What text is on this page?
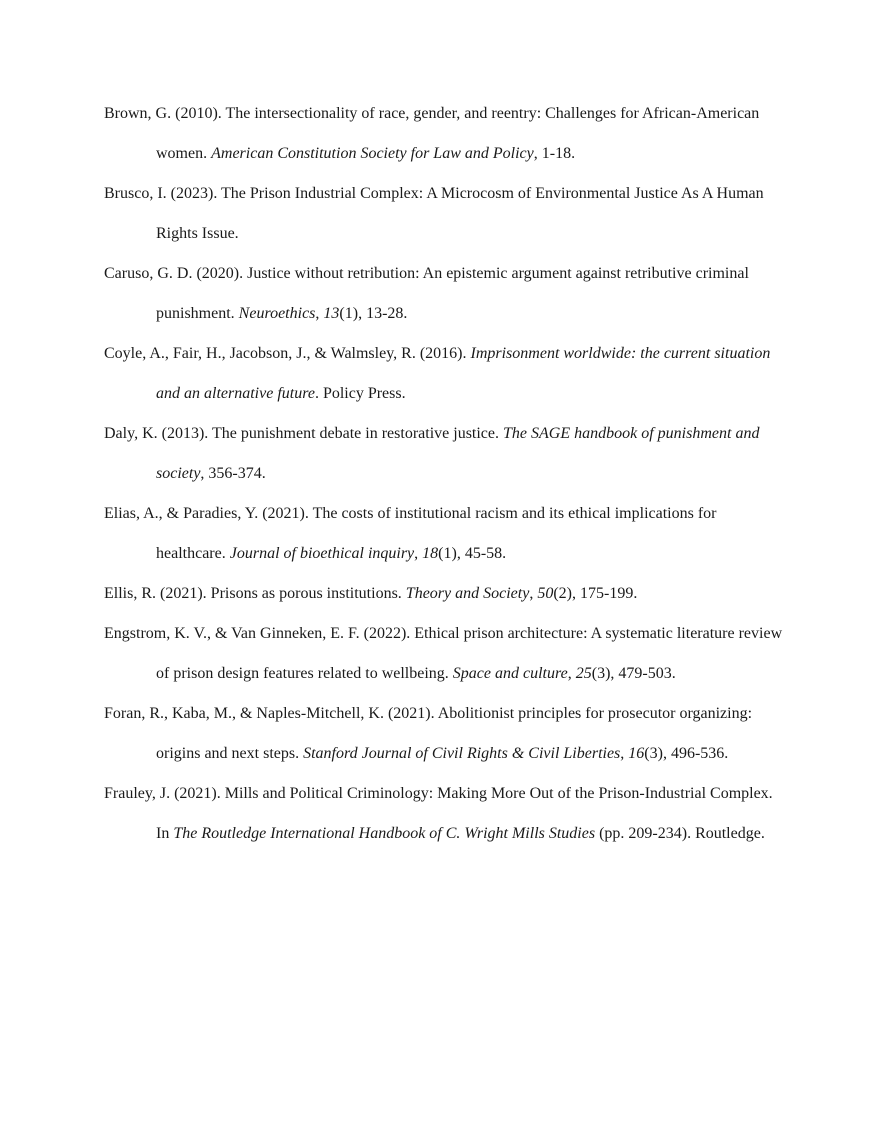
Brown, G. (2010). The intersectionality of race, gender, and reentry: Challenges for African-American women. American Constitution Society for Law and Policy, 1-18.

Brusco, I. (2023). The Prison Industrial Complex: A Microcosm of Environmental Justice As A Human Rights Issue.

Caruso, G. D. (2020). Justice without retribution: An epistemic argument against retributive criminal punishment. Neuroethics, 13(1), 13-28.

Coyle, A., Fair, H., Jacobson, J., & Walmsley, R. (2016). Imprisonment worldwide: the current situation and an alternative future. Policy Press.

Daly, K. (2013). The punishment debate in restorative justice. The SAGE handbook of punishment and society, 356-374.

Elias, A., & Paradies, Y. (2021). The costs of institutional racism and its ethical implications for healthcare. Journal of bioethical inquiry, 18(1), 45-58.

Ellis, R. (2021). Prisons as porous institutions. Theory and Society, 50(2), 175-199.

Engstrom, K. V., & Van Ginneken, E. F. (2022). Ethical prison architecture: A systematic literature review of prison design features related to wellbeing. Space and culture, 25(3), 479-503.

Foran, R., Kaba, M., & Naples-Mitchell, K. (2021). Abolitionist principles for prosecutor organizing: origins and next steps. Stanford Journal of Civil Rights & Civil Liberties, 16(3), 496-536.

Frauley, J. (2021). Mills and Political Criminology: Making More Out of the Prison-Industrial Complex. In The Routledge International Handbook of C. Wright Mills Studies (pp. 209-234). Routledge.
